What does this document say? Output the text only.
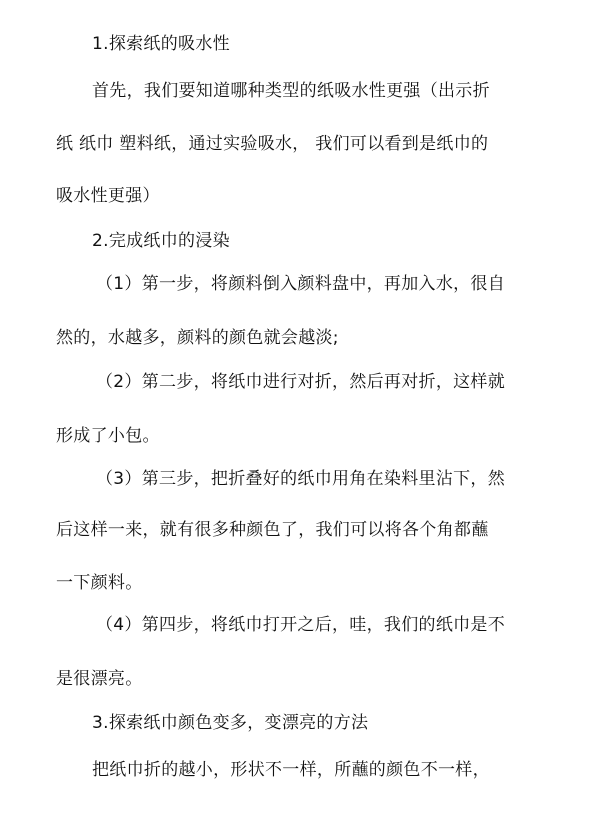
1.探索纸的吸水性
首先，我们要知道哪种类型的纸吸水性更强（出示折
纸 纸巾 塑料纸，通过实验吸水， 我们可以看到是纸巾的
吸水性更强）
2.完成纸巾的浸染
（1）第一步，将颜料倒入颜料盘中，再加入水，很自
然的，水越多，颜料的颜色就会越淡;
（2）第二步，将纸巾进行对折，然后再对折，这样就
形成了小包。
（3）第三步，把折叠好的纸巾用角在染料里沾下，然
后这样一来，就有很多种颜色了，我们可以将各个角都蘸
一下颜料。
（4）第四步，将纸巾打开之后，哇，我们的纸巾是不
是很漂亮。
3.探索纸巾颜色变多，变漂亮的方法
把纸巾折的越小，形状不一样，所蘸的颜色不一样，
